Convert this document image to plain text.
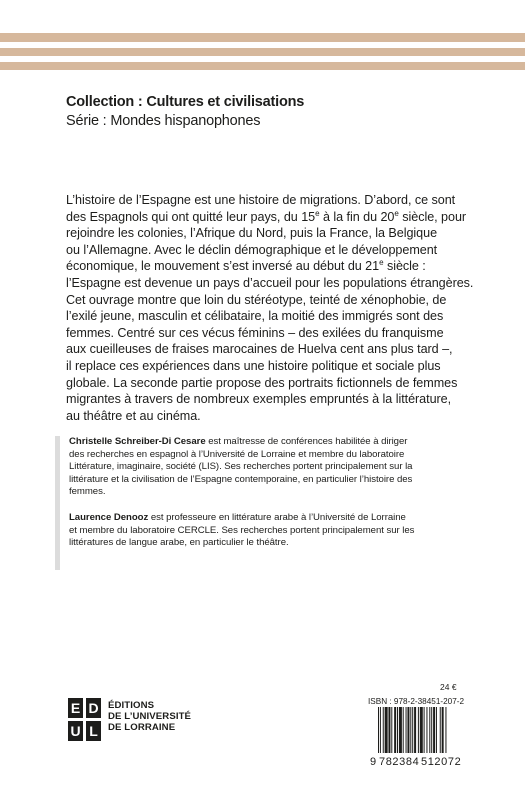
Collection : Cultures et civilisations

Série : Mondes hispanophones

L’histoire de l’Espagne est une histoire de migrations. D’abord, ce sont
des Espagnols qui ont quitté leur pays, du 15e à la fin du 20e siècle, pour
rejoindre les colonies, l’Afrique du Nord, puis la France, la Belgique
ou l’Allemagne. Avec le déclin démographique et le développement
économique, le mouvement s’est inversé au début du 21e siècle :
l’Espagne est devenue un pays d’accueil pour les populations étrangères.
Cet ouvrage montre que loin du stéréotype, teinté de xénophobie, de
l’exilé jeune, masculin et célibataire, la moitié des immigrés sont des
femmes. Centré sur ces vécus féminins – des exilées du franquisme
aux cueilleuses de fraises marocaines de Huelva cent ans plus tard –,
il replace ces expériences dans une histoire politique et sociale plus
globale. La seconde partie propose des portraits fictionnels de femmes
migrantes à travers de nombreux exemples empruntés à la littérature,
au théâtre et au cinéma.
Christelle Schreiber-Di Cesare est maîtresse de conférences habilitée à diriger
des recherches en espagnol à l’Université de Lorraine et membre du laboratoire
Littérature, imaginaire, société (LIS). Ses recherches portent principalement sur la
littérature et la civilisation de l’Espagne contemporaine, en particulier l’histoire des
femmes.
Laurence Denooz est professeure en littérature arabe à l’Université de Lorraine
et membre du laboratoire CERCLE. Ses recherches portent principalement sur les
littératures de langue arabe, en particulier le théâtre.
E D
U L
ÉDITIONS
DE L’UNIVERSITÉ
DE LORRAINE
24 €
ISBN : 978-2-38451-207-2
9 782384 512072
